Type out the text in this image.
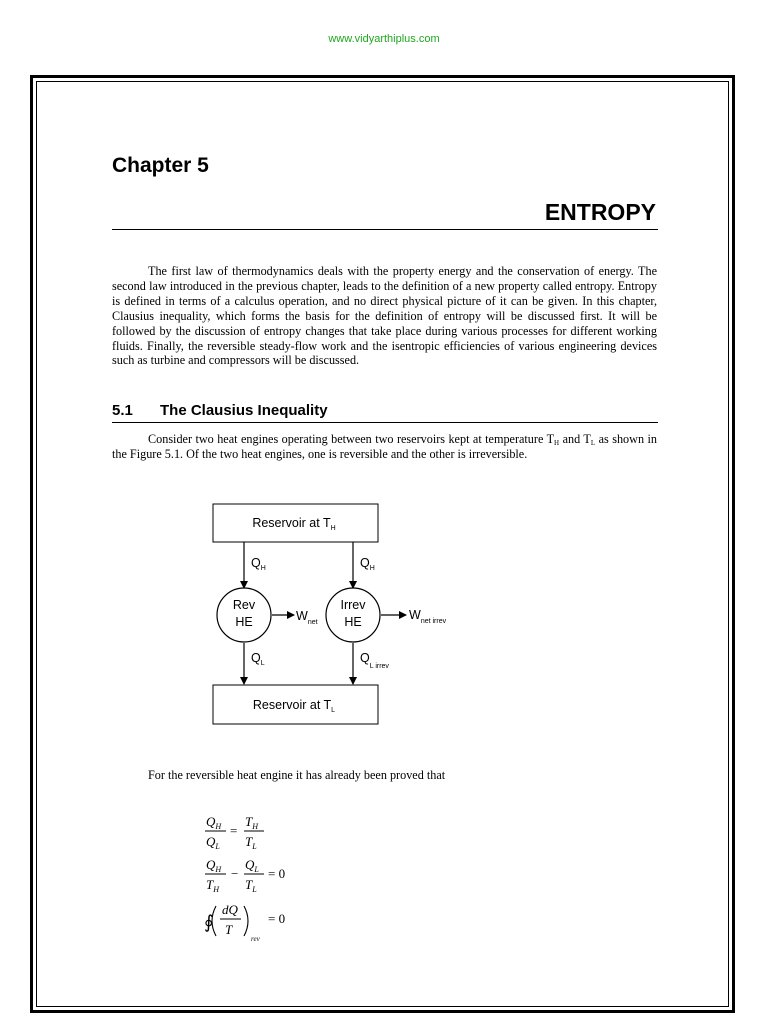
www.vidyarthiplus.com
Chapter 5
ENTROPY

The first law of thermodynamics deals with the property energy and the conservation of energy. The second law introduced in the previous chapter, leads to the definition of a new property called entropy. Entropy is defined in terms of a calculus operation, and no direct physical picture of it can be given. In this chapter, Clausius inequality, which forms the basis for the definition of entropy will be discussed first. It will be followed by the discussion of entropy changes that take place during various processes for different working fluids. Finally, the reversible steady-flow work and the isentropic efficiencies of various engineering devices such as turbine and compressors will be discussed.

5.1 The Clausius Inequality

Consider two heat engines operating between two reservoirs kept at temperature $T_H$ and $T_L$ as shown in the Figure 5.1. Of the two heat engines, one is reversible and the other is irreversible.

Reservoir at $T_H$
Reservoir at $T_L$
Rev
HE
Irrev
HE
$Q_H$	$Q_H$
$Q_L$	$Q_{L irrev}$
$W_{net}$
$W_{net irrev}$
For the reversible heat engine it has already been proved that
$Q_H$
$Q_L$
=
$T_H$
$T_L$
$Q_H$
$T_H$
−
$Q_L$
$T_L$
= 0
∮
dQ
T
rev
= 0
